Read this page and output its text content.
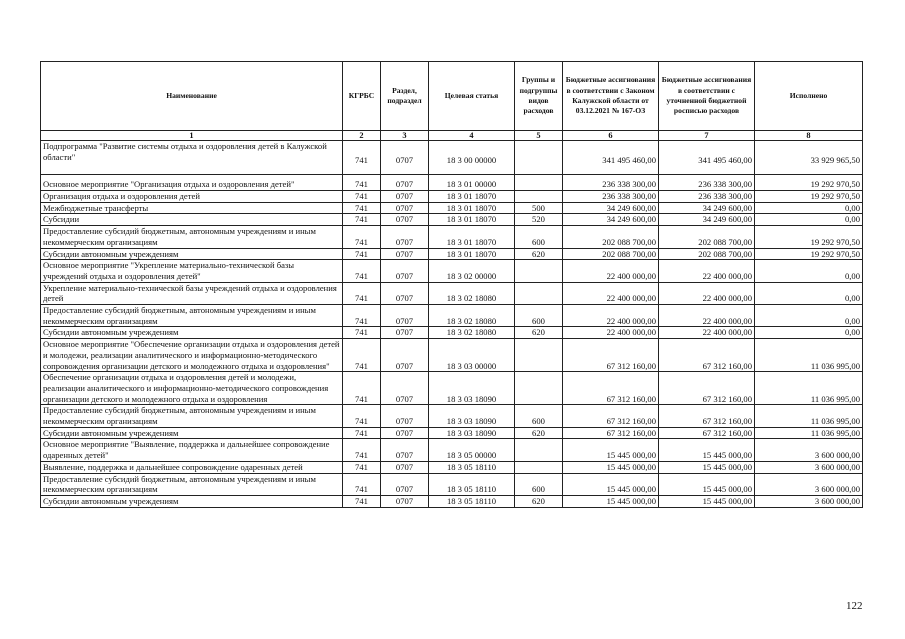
Наименование	КГРБС	Раздел, подраздел	Целевая статья	Группы и подгруппы видов расходов	Бюджетные ассигнования в соответствии с Законом Калужской области от 03.12.2021 № 167-ОЗ	Бюджетные ассигнования в соответствии с уточненной бюджетной росписью расходов	Исполнено
1	2	3	4	5	6	7	8
Подпрограмма "Развитие системы отдыха и оздоровления детей в Калужской области"	741	0707	18 3 00 00000		341 495 460,00	341 495 460,00	33 929 965,50
Основное мероприятие "Организация отдыха и оздоровления детей"	741	0707	18 3 01 00000		236 338 300,00	236 338 300,00	19 292 970,50
Организация отдыха и оздоровления детей	741	0707	18 3 01 18070		236 338 300,00	236 338 300,00	19 292 970,50
Межбюджетные трансферты	741	0707	18 3 01 18070	500	34 249 600,00	34 249 600,00	0,00
Субсидии	741	0707	18 3 01 18070	520	34 249 600,00	34 249 600,00	0,00
Предоставление субсидий бюджетным, автономным учреждениям и иным некоммерческим организациям	741	0707	18 3 01 18070	600	202 088 700,00	202 088 700,00	19 292 970,50
Субсидии автономным учреждениям	741	0707	18 3 01 18070	620	202 088 700,00	202 088 700,00	19 292 970,50
Основное мероприятие "Укрепление материально-технической базы учреждений отдыха и оздоровления детей"	741	0707	18 3 02 00000		22 400 000,00	22 400 000,00	0,00
Укрепление материально-технической базы учреждений отдыха и оздоровления детей	741	0707	18 3 02 18080		22 400 000,00	22 400 000,00	0,00
Предоставление субсидий бюджетным, автономным учреждениям и иным некоммерческим организациям	741	0707	18 3 02 18080	600	22 400 000,00	22 400 000,00	0,00
Субсидии автономным учреждениям	741	0707	18 3 02 18080	620	22 400 000,00	22 400 000,00	0,00
Основное мероприятие "Обеспечение организации отдыха и оздоровления детей и молодежи, реализации аналитического и информационно-методического сопровождения организации детского и молодежного отдыха и оздоровления"	741	0707	18 3 03 00000		67 312 160,00	67 312 160,00	11 036 995,00
Обеспечение организации отдыха и оздоровления детей и молодежи, реализации аналитического и информационно-методического сопровождения организации детского и молодежного отдыха и оздоровления	741	0707	18 3 03 18090		67 312 160,00	67 312 160,00	11 036 995,00
Предоставление субсидий бюджетным, автономным учреждениям и иным некоммерческим организациям	741	0707	18 3 03 18090	600	67 312 160,00	67 312 160,00	11 036 995,00
Субсидии автономным учреждениям	741	0707	18 3 03 18090	620	67 312 160,00	67 312 160,00	11 036 995,00
Основное мероприятие "Выявление, поддержка и дальнейшее сопровождение одаренных детей"	741	0707	18 3 05 00000		15 445 000,00	15 445 000,00	3 600 000,00
Выявление, поддержка и дальнейшее сопровождение одаренных детей	741	0707	18 3 05 18110		15 445 000,00	15 445 000,00	3 600 000,00
Предоставление субсидий бюджетным, автономным учреждениям и иным некоммерческим организациям	741	0707	18 3 05 18110	600	15 445 000,00	15 445 000,00	3 600 000,00
Субсидии автономным учреждениям	741	0707	18 3 05 18110	620	15 445 000,00	15 445 000,00	3 600 000,00
122
